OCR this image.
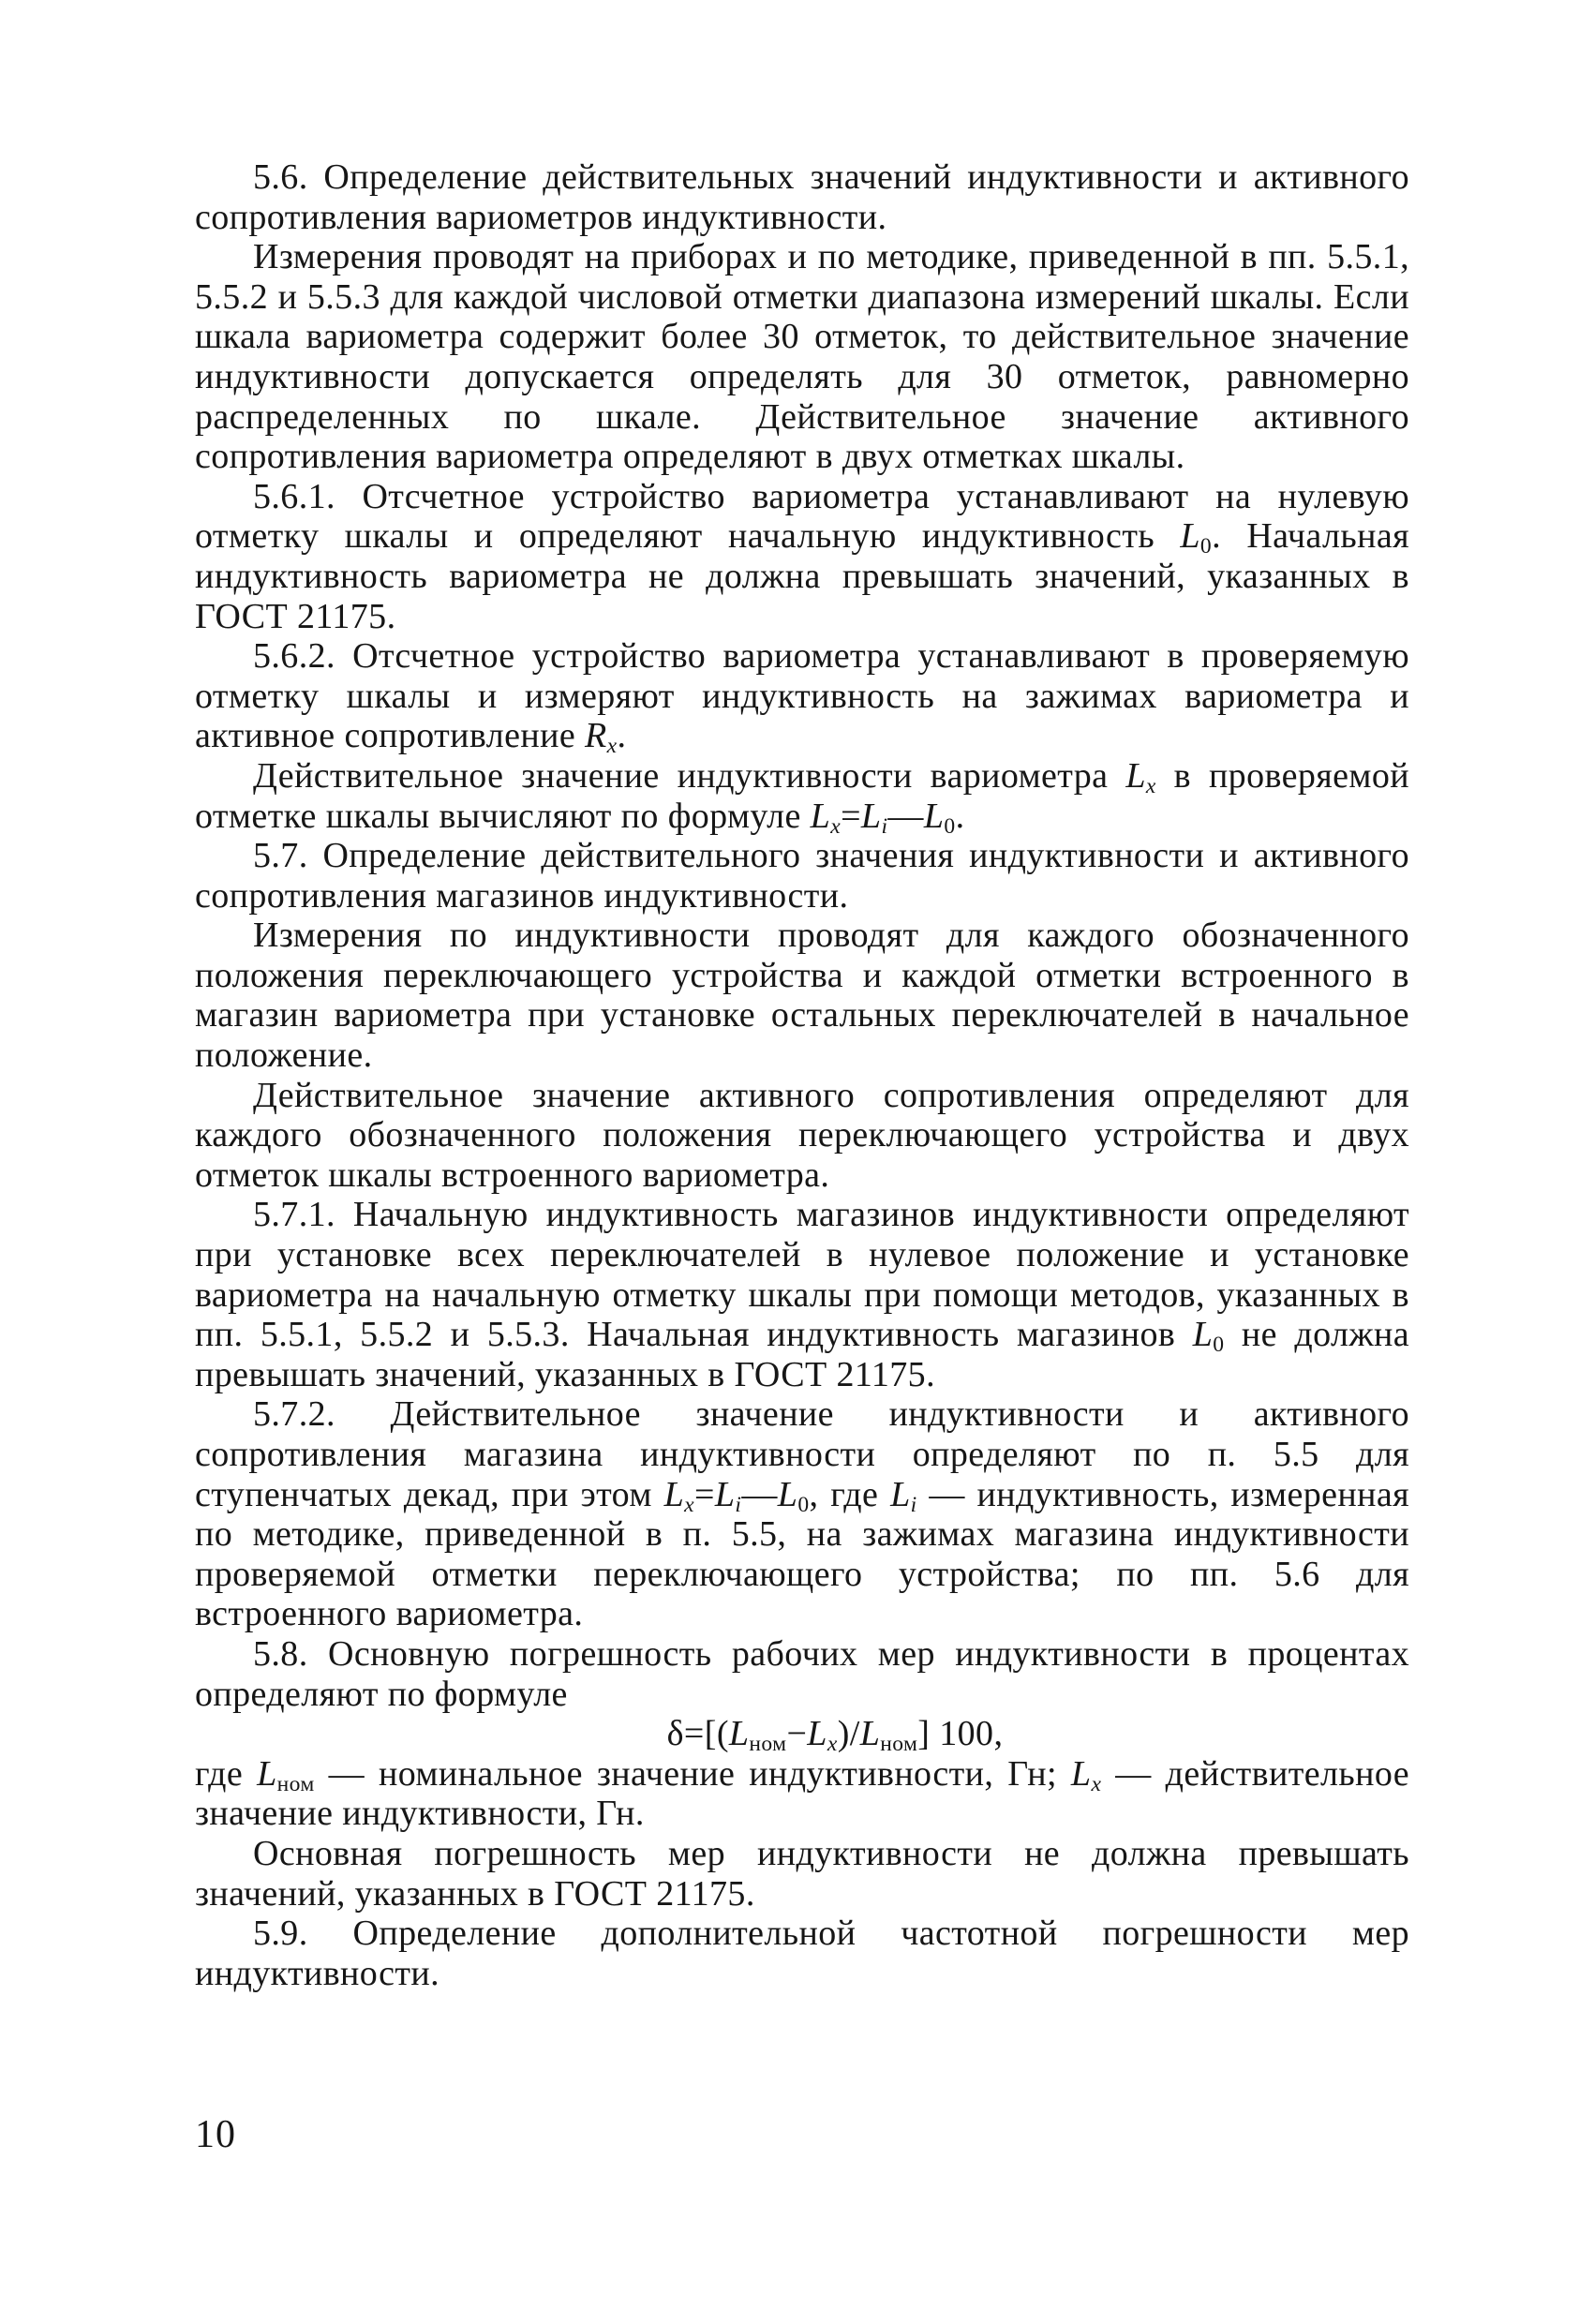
5.6. Определение действительных значений индуктивности и активного сопротивления вариометров индуктивности.

Измерения проводят на приборах и по методике, приведенной в пп. 5.5.1, 5.5.2 и 5.5.3 для каждой числовой отметки диапазона измерений шкалы. Если шкала вариометра содержит более 30 отметок, то действительное значение индуктивности допускается определять для 30 отметок, равномерно распределенных по шкале. Действительное значение активного сопротивления вариометра определяют в двух отметках шкалы.

5.6.1. Отсчетное устройство вариометра устанавливают на нулевую отметку шкалы и определяют начальную индуктивность $L_0$. Начальная индуктивность вариометра не должна превышать значений, указанных в ГОСТ 21175.

5.6.2. Отсчетное устройство вариометра устанавливают в проверяемую отметку шкалы и измеряют индуктивность на зажимах вариометра и активное сопротивление $R_x$.

Действительное значение индуктивности вариометра $L_x$ в проверяемой отметке шкалы вычисляют по формуле $L_x=L_i—L_0$.

5.7. Определение действительного значения индуктивности и активного сопротивления магазинов индуктивности.

Измерения по индуктивности проводят для каждого обозначенного положения переключающего устройства и каждой отметки встроенного в магазин вариометра при установке остальных переключателей в начальное положение.

Действительное значение активного сопротивления определяют для каждого обозначенного положения переключающего устройства и двух отметок шкалы встроенного вариометра.

5.7.1. Начальную индуктивность магазинов индуктивности определяют при установке всех переключателей в нулевое положение и установке вариометра на начальную отметку шкалы при помощи методов, указанных в пп. 5.5.1, 5.5.2 и 5.5.3. Начальная индуктивность магазинов $L_0$ не должна превышать значений, указанных в ГОСТ 21175.

5.7.2. Действительное значение индуктивности и активного сопротивления магазина индуктивности определяют по п. 5.5 для ступенчатых декад, при этом $L_x=L_i—L_0$, где $L_i$ — индуктивность, измеренная по методике, приведенной в п. 5.5, на зажимах магазина индуктивности проверяемой отметки переключающего устройства; по пп. 5.6 для встроенного вариометра.

5.8. Основную погрешность рабочих мер индуктивности в процентах определяют по формуле

$\delta=[(L_{ном}-L_x)/L_{ном}]$ 100,

где $L_{ном}$ — номинальное значение индуктивности, Гн; $L_x$ — действительное значение индуктивности, Гн.

Основная погрешность мер индуктивности не должна превышать значений, указанных в ГОСТ 21175.

5.9. Определение дополнительной частотной погрешности мер индуктивности.

10
